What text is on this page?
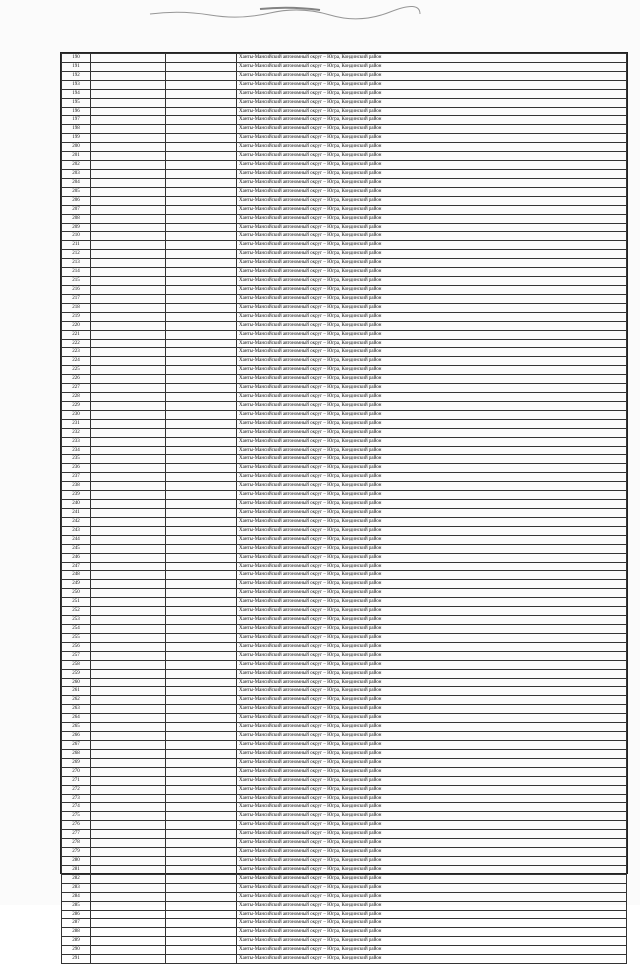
190			Ханты-Мансийский автономный округ – Югра, Кондинский район
191			Ханты-Мансийский автономный округ – Югра, Кондинский район
192			Ханты-Мансийский автономный округ – Югра, Кондинский район
193			Ханты-Мансийский автономный округ – Югра, Кондинский район
194			Ханты-Мансийский автономный округ – Югра, Кондинский район
195			Ханты-Мансийский автономный округ – Югра, Кондинский район
196			Ханты-Мансийский автономный округ – Югра, Кондинский район
197			Ханты-Мансийский автономный округ – Югра, Кондинский район
198			Ханты-Мансийский автономный округ – Югра, Кондинский район
199			Ханты-Мансийский автономный округ – Югра, Кондинский район
200			Ханты-Мансийский автономный округ – Югра, Кондинский район
201			Ханты-Мансийский автономный округ – Югра, Кондинский район
202			Ханты-Мансийский автономный округ – Югра, Кондинский район
203			Ханты-Мансийский автономный округ – Югра, Кондинский район
204			Ханты-Мансийский автономный округ – Югра, Кондинский район
205			Ханты-Мансийский автономный округ – Югра, Кондинский район
206			Ханты-Мансийский автономный округ – Югра, Кондинский район
207			Ханты-Мансийский автономный округ – Югра, Кондинский район
208			Ханты-Мансийский автономный округ – Югра, Кондинский район
209			Ханты-Мансийский автономный округ – Югра, Кондинский район
210			Ханты-Мансийский автономный округ – Югра, Кондинский район
211			Ханты-Мансийский автономный округ – Югра, Кондинский район
212			Ханты-Мансийский автономный округ – Югра, Кондинский район
213			Ханты-Мансийский автономный округ – Югра, Кондинский район
214			Ханты-Мансийский автономный округ – Югра, Кондинский район
215			Ханты-Мансийский автономный округ – Югра, Кондинский район
216			Ханты-Мансийский автономный округ – Югра, Кондинский район
217			Ханты-Мансийский автономный округ – Югра, Кондинский район
218			Ханты-Мансийский автономный округ – Югра, Кондинский район
219			Ханты-Мансийский автономный округ – Югра, Кондинский район
220			Ханты-Мансийский автономный округ – Югра, Кондинский район
221			Ханты-Мансийский автономный округ – Югра, Кондинский район
222			Ханты-Мансийский автономный округ – Югра, Кондинский район
223			Ханты-Мансийский автономный округ – Югра, Кондинский район
224			Ханты-Мансийский автономный округ – Югра, Кондинский район
225			Ханты-Мансийский автономный округ – Югра, Кондинский район
226			Ханты-Мансийский автономный округ – Югра, Кондинский район
227			Ханты-Мансийский автономный округ – Югра, Кондинский район
228			Ханты-Мансийский автономный округ – Югра, Кондинский район
229			Ханты-Мансийский автономный округ – Югра, Кондинский район
230			Ханты-Мансийский автономный округ – Югра, Кондинский район
231			Ханты-Мансийский автономный округ – Югра, Кондинский район
232			Ханты-Мансийский автономный округ – Югра, Кондинский район
233			Ханты-Мансийский автономный округ – Югра, Кондинский район
234			Ханты-Мансийский автономный округ – Югра, Кондинский район
235			Ханты-Мансийский автономный округ – Югра, Кондинский район
236			Ханты-Мансийский автономный округ – Югра, Кондинский район
237			Ханты-Мансийский автономный округ – Югра, Кондинский район
238			Ханты-Мансийский автономный округ – Югра, Кондинский район
239			Ханты-Мансийский автономный округ – Югра, Кондинский район
240			Ханты-Мансийский автономный округ – Югра, Кондинский район
241			Ханты-Мансийский автономный округ – Югра, Кондинский район
242			Ханты-Мансийский автономный округ – Югра, Кондинский район
243			Ханты-Мансийский автономный округ – Югра, Кондинский район
244			Ханты-Мансийский автономный округ – Югра, Кондинский район
245			Ханты-Мансийский автономный округ – Югра, Кондинский район
246			Ханты-Мансийский автономный округ – Югра, Кондинский район
247			Ханты-Мансийский автономный округ – Югра, Кондинский район
248			Ханты-Мансийский автономный округ – Югра, Кондинский район
249			Ханты-Мансийский автономный округ – Югра, Кондинский район
250			Ханты-Мансийский автономный округ – Югра, Кондинский район
251			Ханты-Мансийский автономный округ – Югра, Кондинский район
252			Ханты-Мансийский автономный округ – Югра, Кондинский район
253			Ханты-Мансийский автономный округ – Югра, Кондинский район
254			Ханты-Мансийский автономный округ – Югра, Кондинский район
255			Ханты-Мансийский автономный округ – Югра, Кондинский район
256			Ханты-Мансийский автономный округ – Югра, Кондинский район
257			Ханты-Мансийский автономный округ – Югра, Кондинский район
258			Ханты-Мансийский автономный округ – Югра, Кондинский район
259			Ханты-Мансийский автономный округ – Югра, Кондинский район
260			Ханты-Мансийский автономный округ – Югра, Кондинский район
261			Ханты-Мансийский автономный округ – Югра, Кондинский район
262			Ханты-Мансийский автономный округ – Югра, Кондинский район
263			Ханты-Мансийский автономный округ – Югра, Кондинский район
264			Ханты-Мансийский автономный округ – Югра, Кондинский район
265			Ханты-Мансийский автономный округ – Югра, Кондинский район
266			Ханты-Мансийский автономный округ – Югра, Кондинский район
267			Ханты-Мансийский автономный округ – Югра, Кондинский район
268			Ханты-Мансийский автономный округ – Югра, Кондинский район
269			Ханты-Мансийский автономный округ – Югра, Кондинский район
270			Ханты-Мансийский автономный округ – Югра, Кондинский район
271			Ханты-Мансийский автономный округ – Югра, Кондинский район
272			Ханты-Мансийский автономный округ – Югра, Кондинский район
273			Ханты-Мансийский автономный округ – Югра, Кондинский район
274			Ханты-Мансийский автономный округ – Югра, Кондинский район
275			Ханты-Мансийский автономный округ – Югра, Кондинский район
276			Ханты-Мансийский автономный округ – Югра, Кондинский район
277			Ханты-Мансийский автономный округ – Югра, Кондинский район
278			Ханты-Мансийский автономный округ – Югра, Кондинский район
279			Ханты-Мансийский автономный округ – Югра, Кондинский район
280			Ханты-Мансийский автономный округ – Югра, Кондинский район
281			Ханты-Мансийский автономный округ – Югра, Кондинский район
282			Ханты-Мансийский автономный округ – Югра, Кондинский район
283			Ханты-Мансийский автономный округ – Югра, Кондинский район
284			Ханты-Мансийский автономный округ – Югра, Кондинский район
285			Ханты-Мансийский автономный округ – Югра, Кондинский район
286			Ханты-Мансийский автономный округ – Югра, Кондинский район
287			Ханты-Мансийский автономный округ – Югра, Кондинский район
288			Ханты-Мансийский автономный округ – Югра, Кондинский район
289			Ханты-Мансийский автономный округ – Югра, Кондинский район
290			Ханты-Мансийский автономный округ – Югра, Кондинский район
291			Ханты-Мансийский автономный округ – Югра, Кондинский район
